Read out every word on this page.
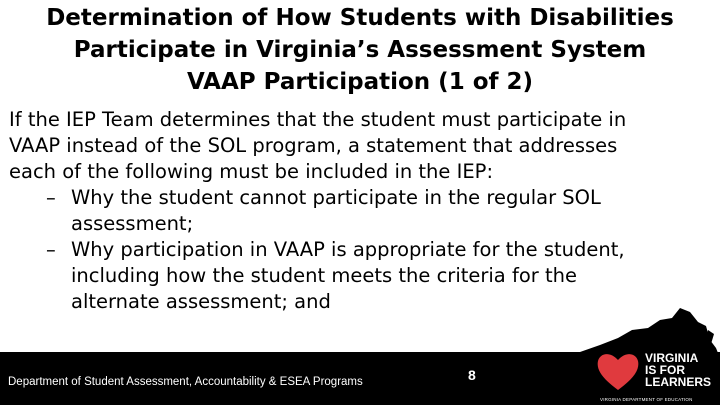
Determination of How Students with Disabilities
Participate in Virginia’s Assessment System
VAAP Participation (1 of 2)
If the IEP Team determines that the student must participate in
VAAP instead of the SOL program, a statement that addresses
each of the following must be included in the IEP:
– Why the student cannot participate in the regular SOL
assessment;
– Why participation in VAAP is appropriate for the student,
including how the student meets the criteria for the
alternate assessment; and
VIRGINIA
IS FOR
LEARNERS
VIRGINIA DEPARTMENT OF EDUCATION
Department of Student Assessment, Accountability & ESEA Programs	8
